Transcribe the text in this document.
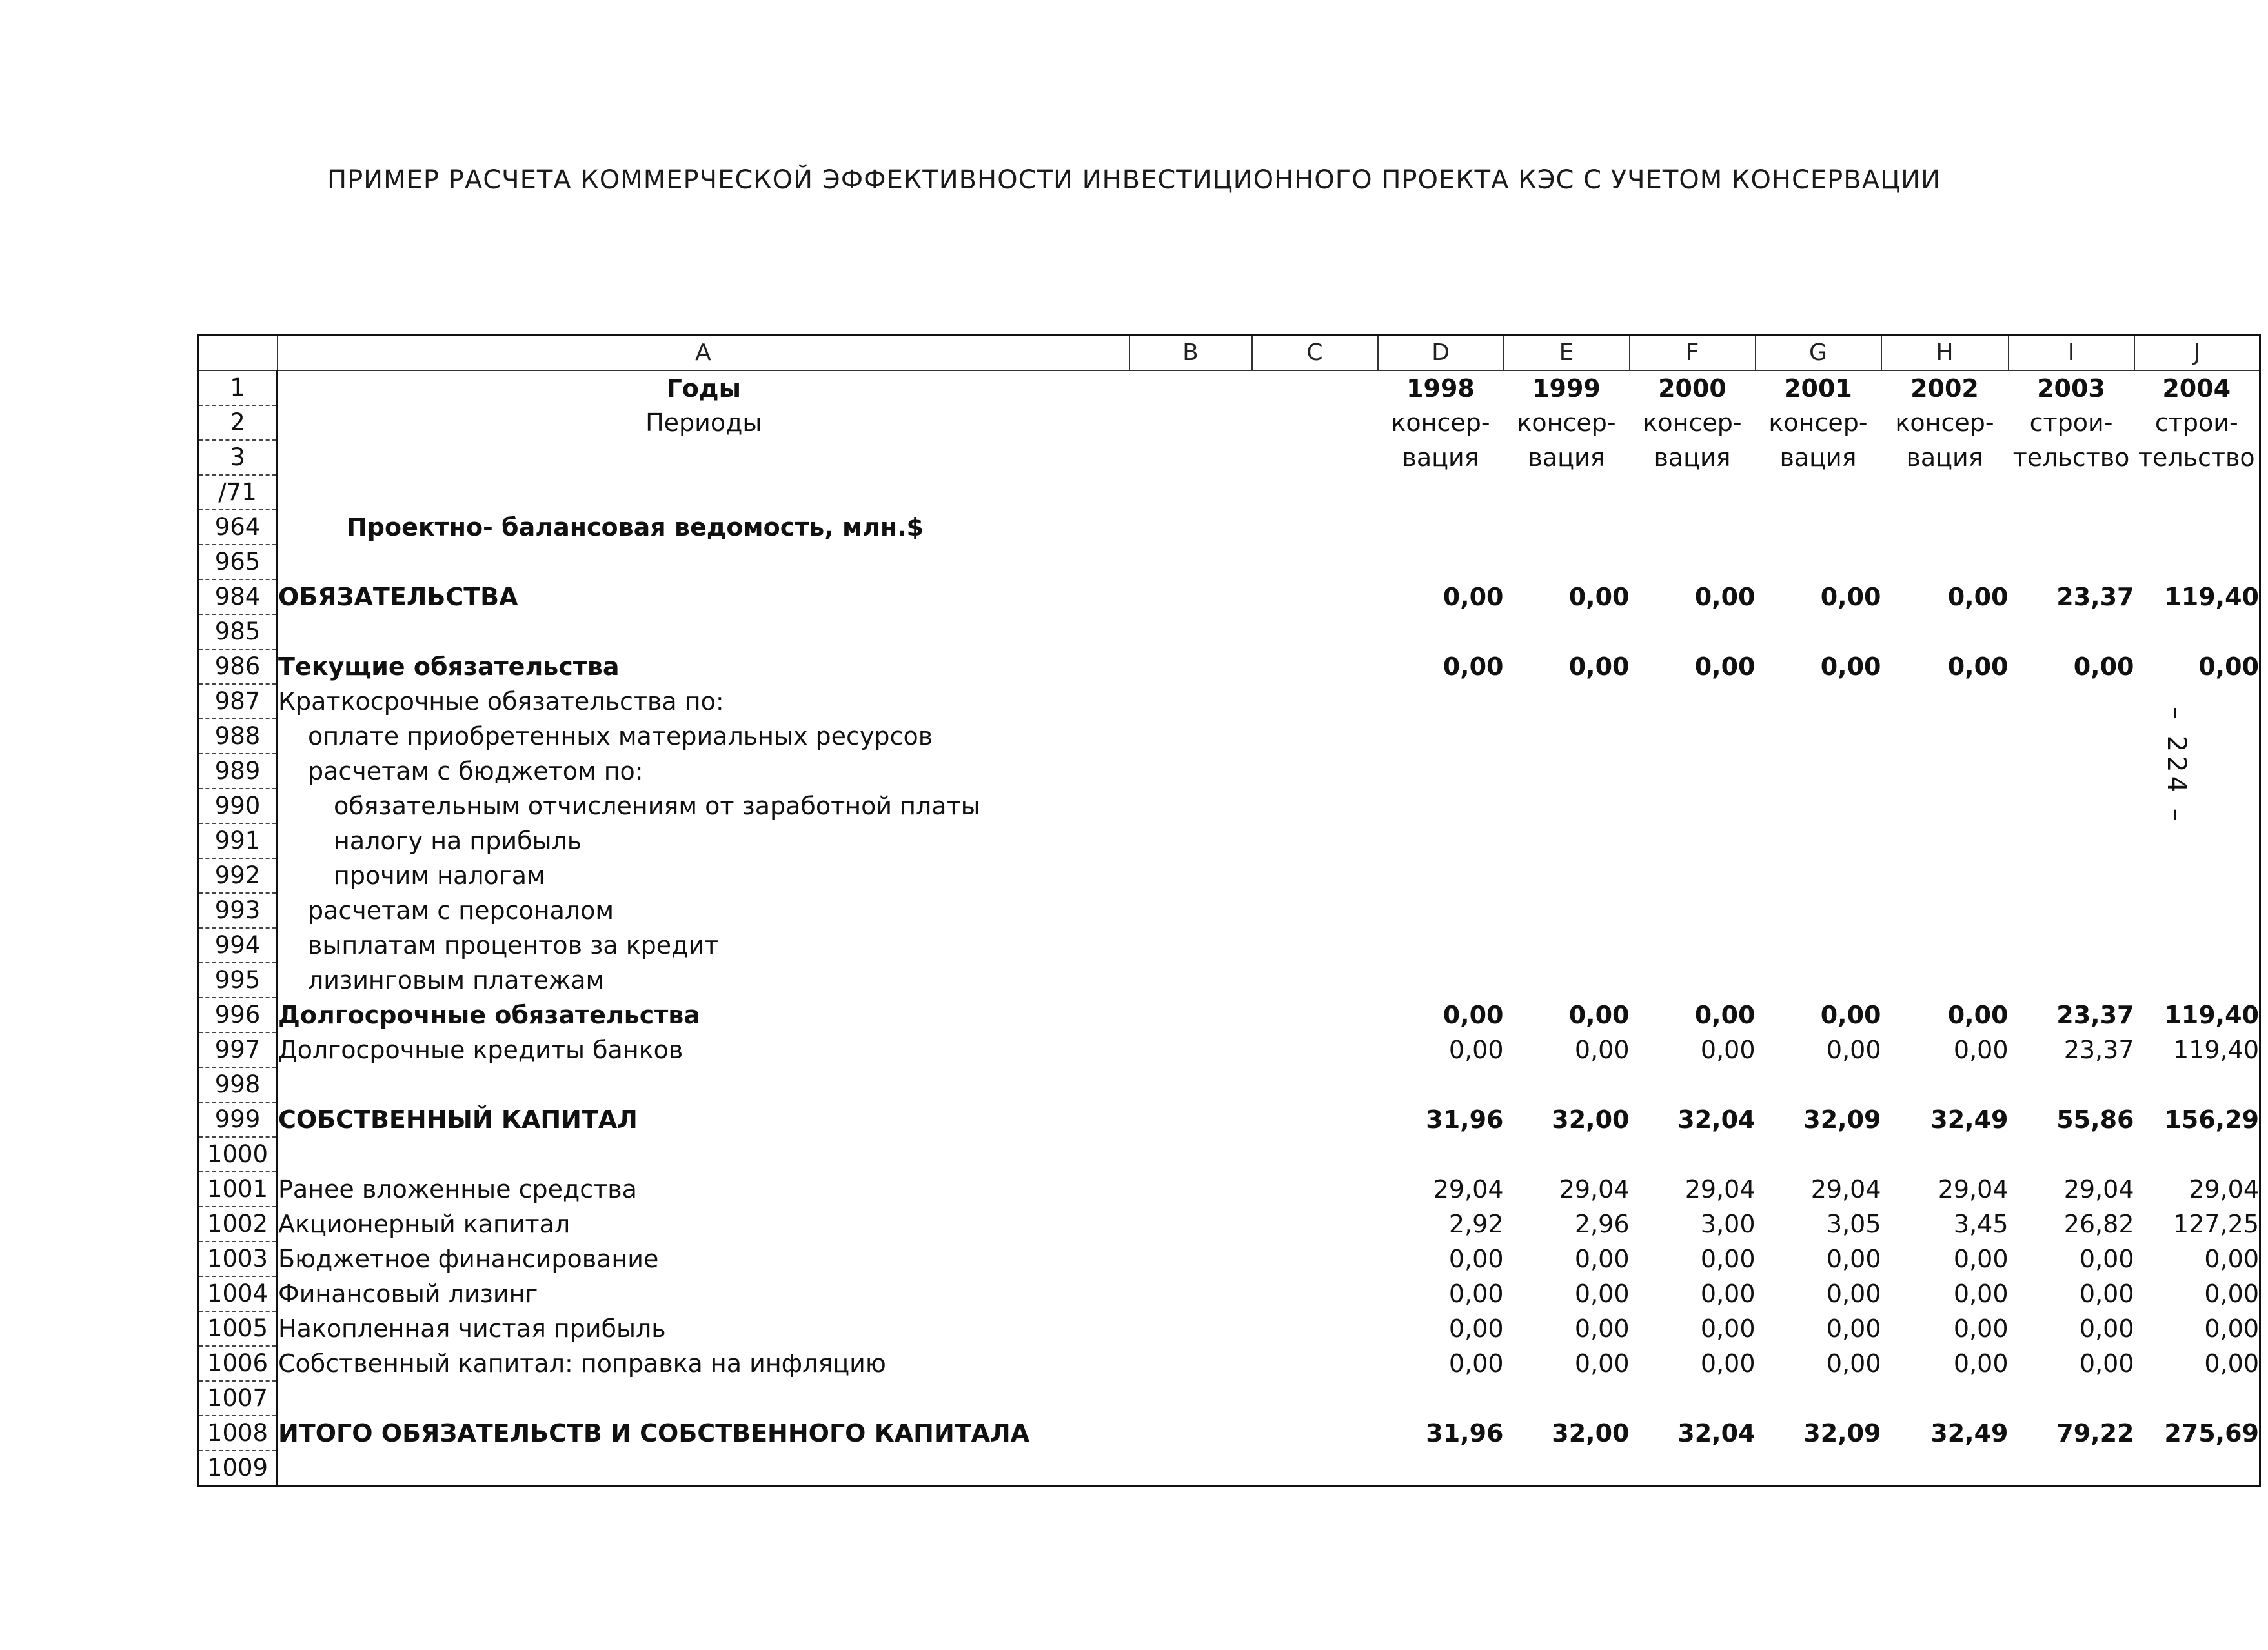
ПРИМЕР РАСЧЕТА КОММЕРЧЕСКОЙ ЭФФЕКТИВНОСТИ ИНВЕСТИЦИОННОГО ПРОЕКТА КЭС С УЧЕТОМ КОНСЕРВАЦИИ
– 224 –
	A	B	C	D	E	F	G	H	I	J
1	Годы			1998	1999	2000	2001	2002	2003	2004
2	Периоды			консер-	консер-	консер-	консер-	консер-	строи-	строи-
3				вация	вация	вация	вация	вация	тельство	тельство
/71										
964	Проектно- балансовая ведомость, млн.$									
965										
984	ОБЯЗАТЕЛЬСТВА			0,00	0,00	0,00	0,00	0,00	23,37	119,40
985										
986	Текущие обязательства			0,00	0,00	0,00	0,00	0,00	0,00	0,00
987	Краткосрочные обязательства по:									
988	оплате приобретенных материальных ресурсов									
989	расчетам с бюджетом по:									
990	обязательным отчислениям от заработной платы									
991	налогу на прибыль									
992	прочим налогам									
993	расчетам с персоналом									
994	выплатам процентов за кредит									
995	лизинговым платежам									
996	Долгосрочные обязательства			0,00	0,00	0,00	0,00	0,00	23,37	119,40
997	Долгосрочные кредиты банков			0,00	0,00	0,00	0,00	0,00	23,37	119,40
998										
999	СОБСТВЕННЫЙ КАПИТАЛ			31,96	32,00	32,04	32,09	32,49	55,86	156,29
1000										
1001	Ранее вложенные средства			29,04	29,04	29,04	29,04	29,04	29,04	29,04
1002	Акционерный капитал			2,92	2,96	3,00	3,05	3,45	26,82	127,25
1003	Бюджетное финансирование			0,00	0,00	0,00	0,00	0,00	0,00	0,00
1004	Финансовый лизинг			0,00	0,00	0,00	0,00	0,00	0,00	0,00
1005	Накопленная чистая прибыль			0,00	0,00	0,00	0,00	0,00	0,00	0,00
1006	Собственный капитал: поправка на инфляцию			0,00	0,00	0,00	0,00	0,00	0,00	0,00
1007										
1008	ИТОГО ОБЯЗАТЕЛЬСТВ И СОБСТВЕННОГО КАПИТАЛА			31,96	32,00	32,04	32,09	32,49	79,22	275,69
1009										
